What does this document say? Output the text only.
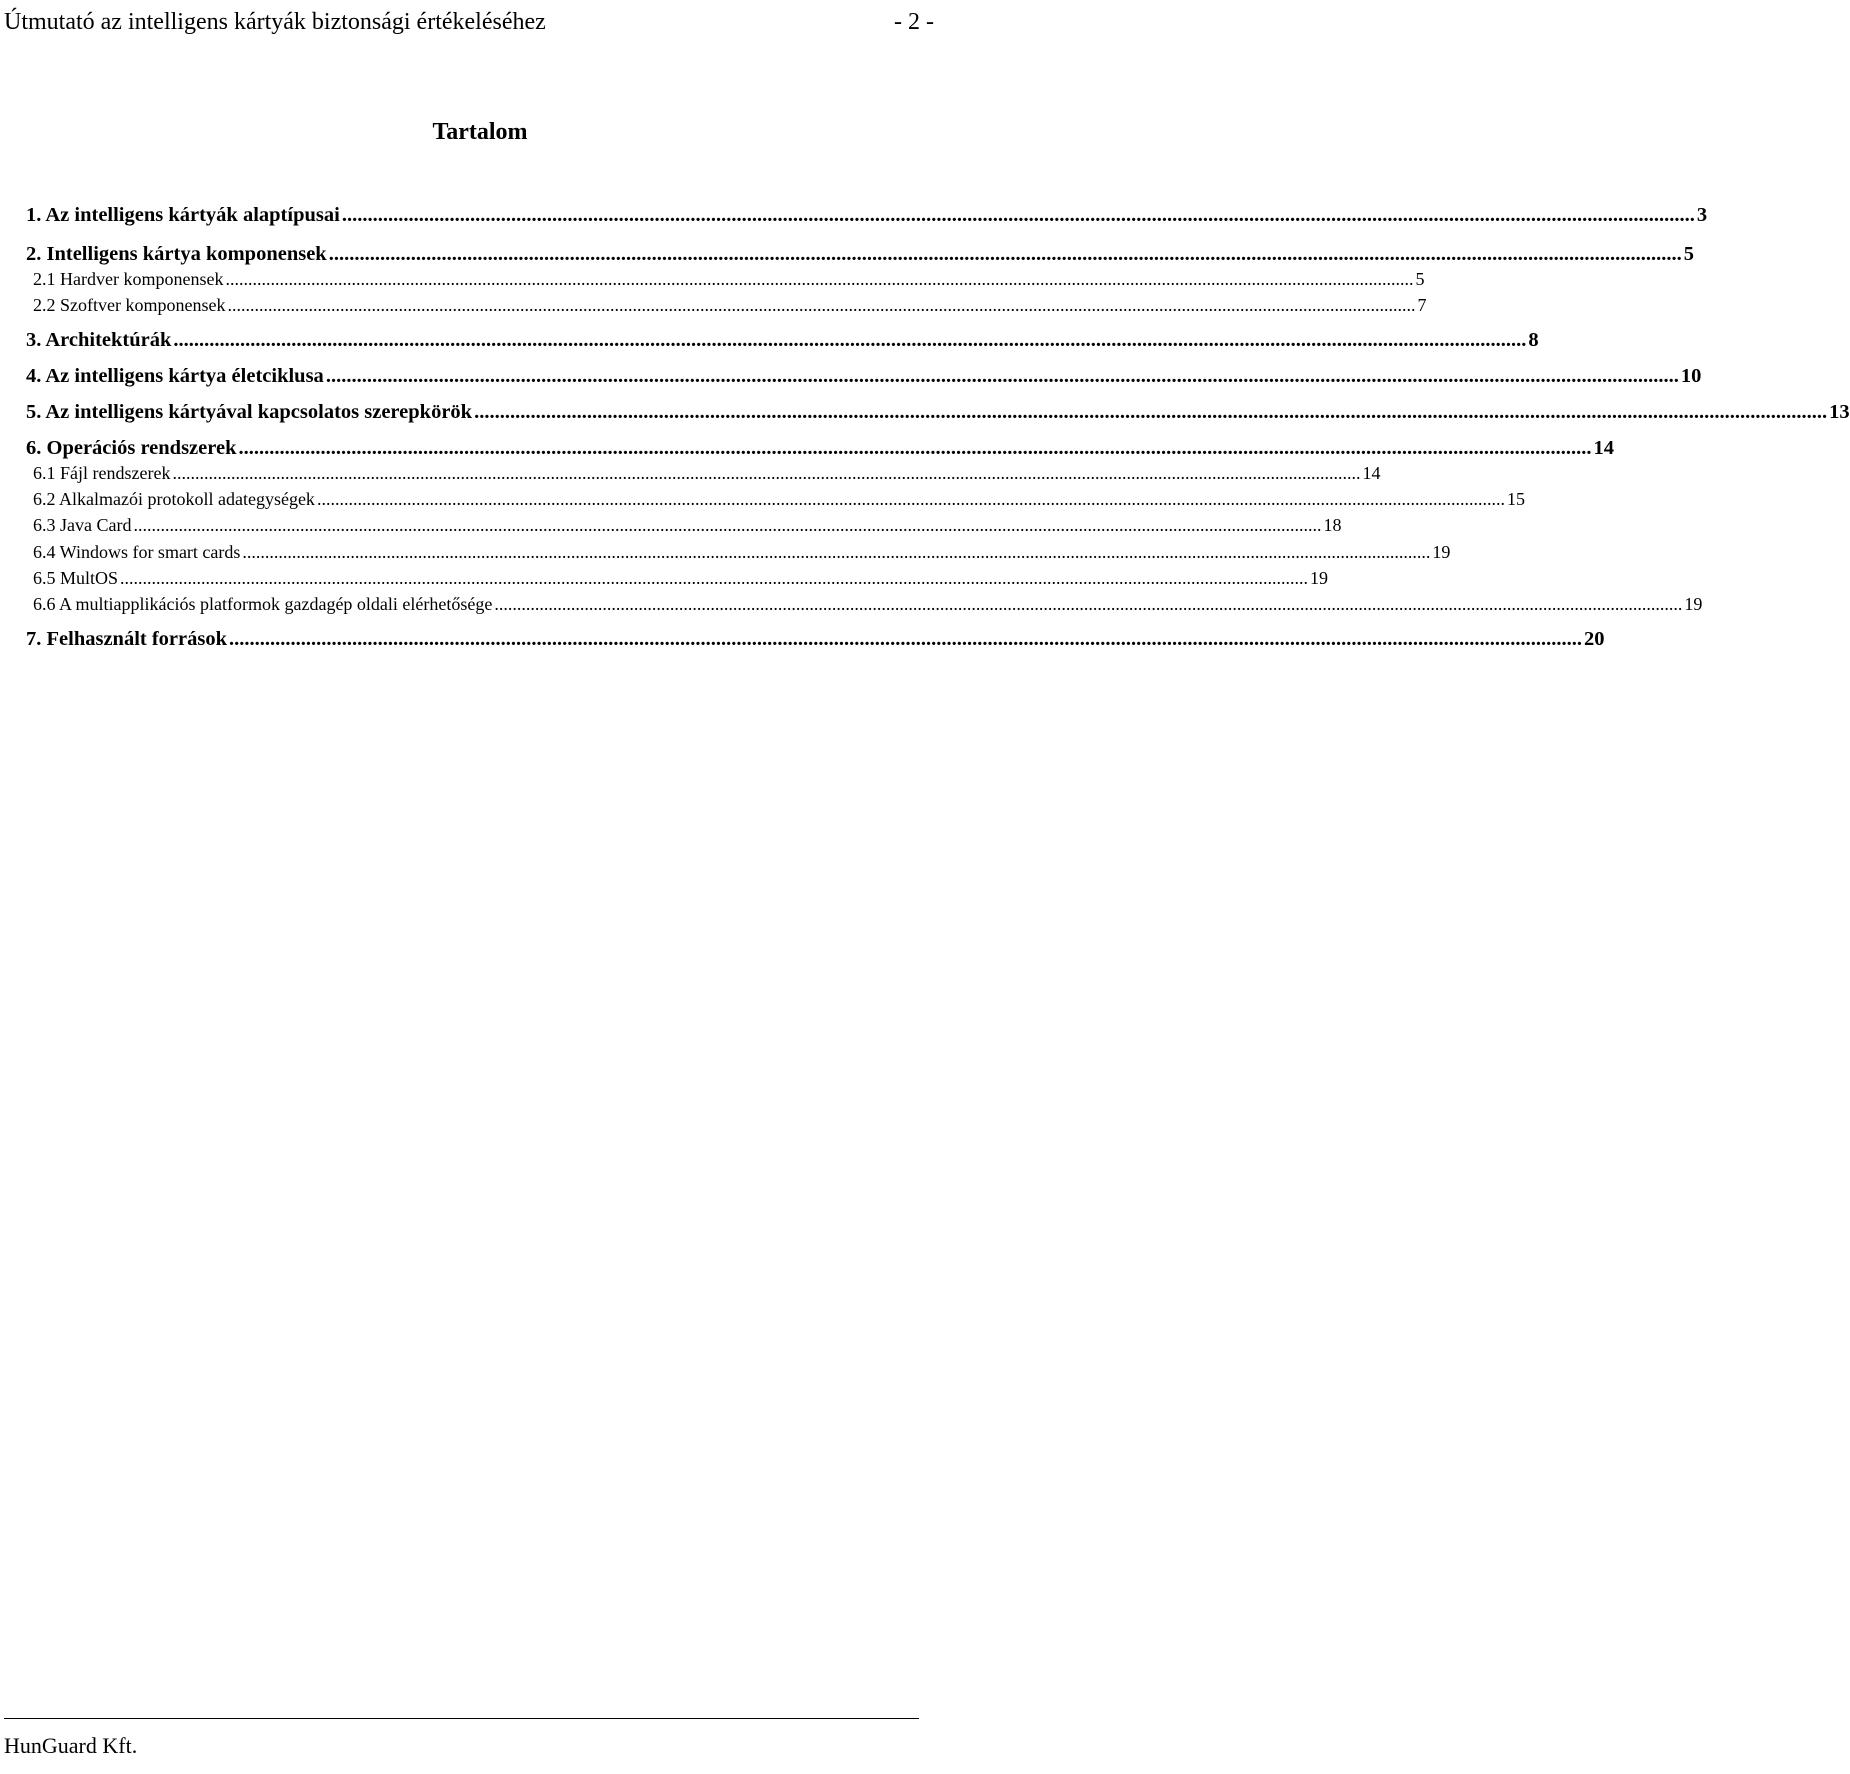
Útmutató az intelligens kártyák biztonsági értékeléséhez	- 2 -
Tartalom
1. Az intelligens kártyák alaptípusai .....	3
2. Intelligens kártya komponensek .....	5
2.1 Hardver komponensek .....	5
2.2 Szoftver komponensek .....	7
3. Architektúrák .....	8
4. Az intelligens kártya életciklusa .....	10
5. Az intelligens kártyával kapcsolatos szerepkörök .....	13
6. Operációs rendszerek .....	14
6.1 Fájl rendszerek .....	14
6.2 Alkalmazói protokoll adategységek .....	15
6.3 Java Card .....	18
6.4 Windows for smart cards .....	19
6.5 MultOS .....	19
6.6 A multiapplikációs platformok gazdagép oldali elérhetősége .....	19
7. Felhasznált források .....	20
HunGuard Kft.
